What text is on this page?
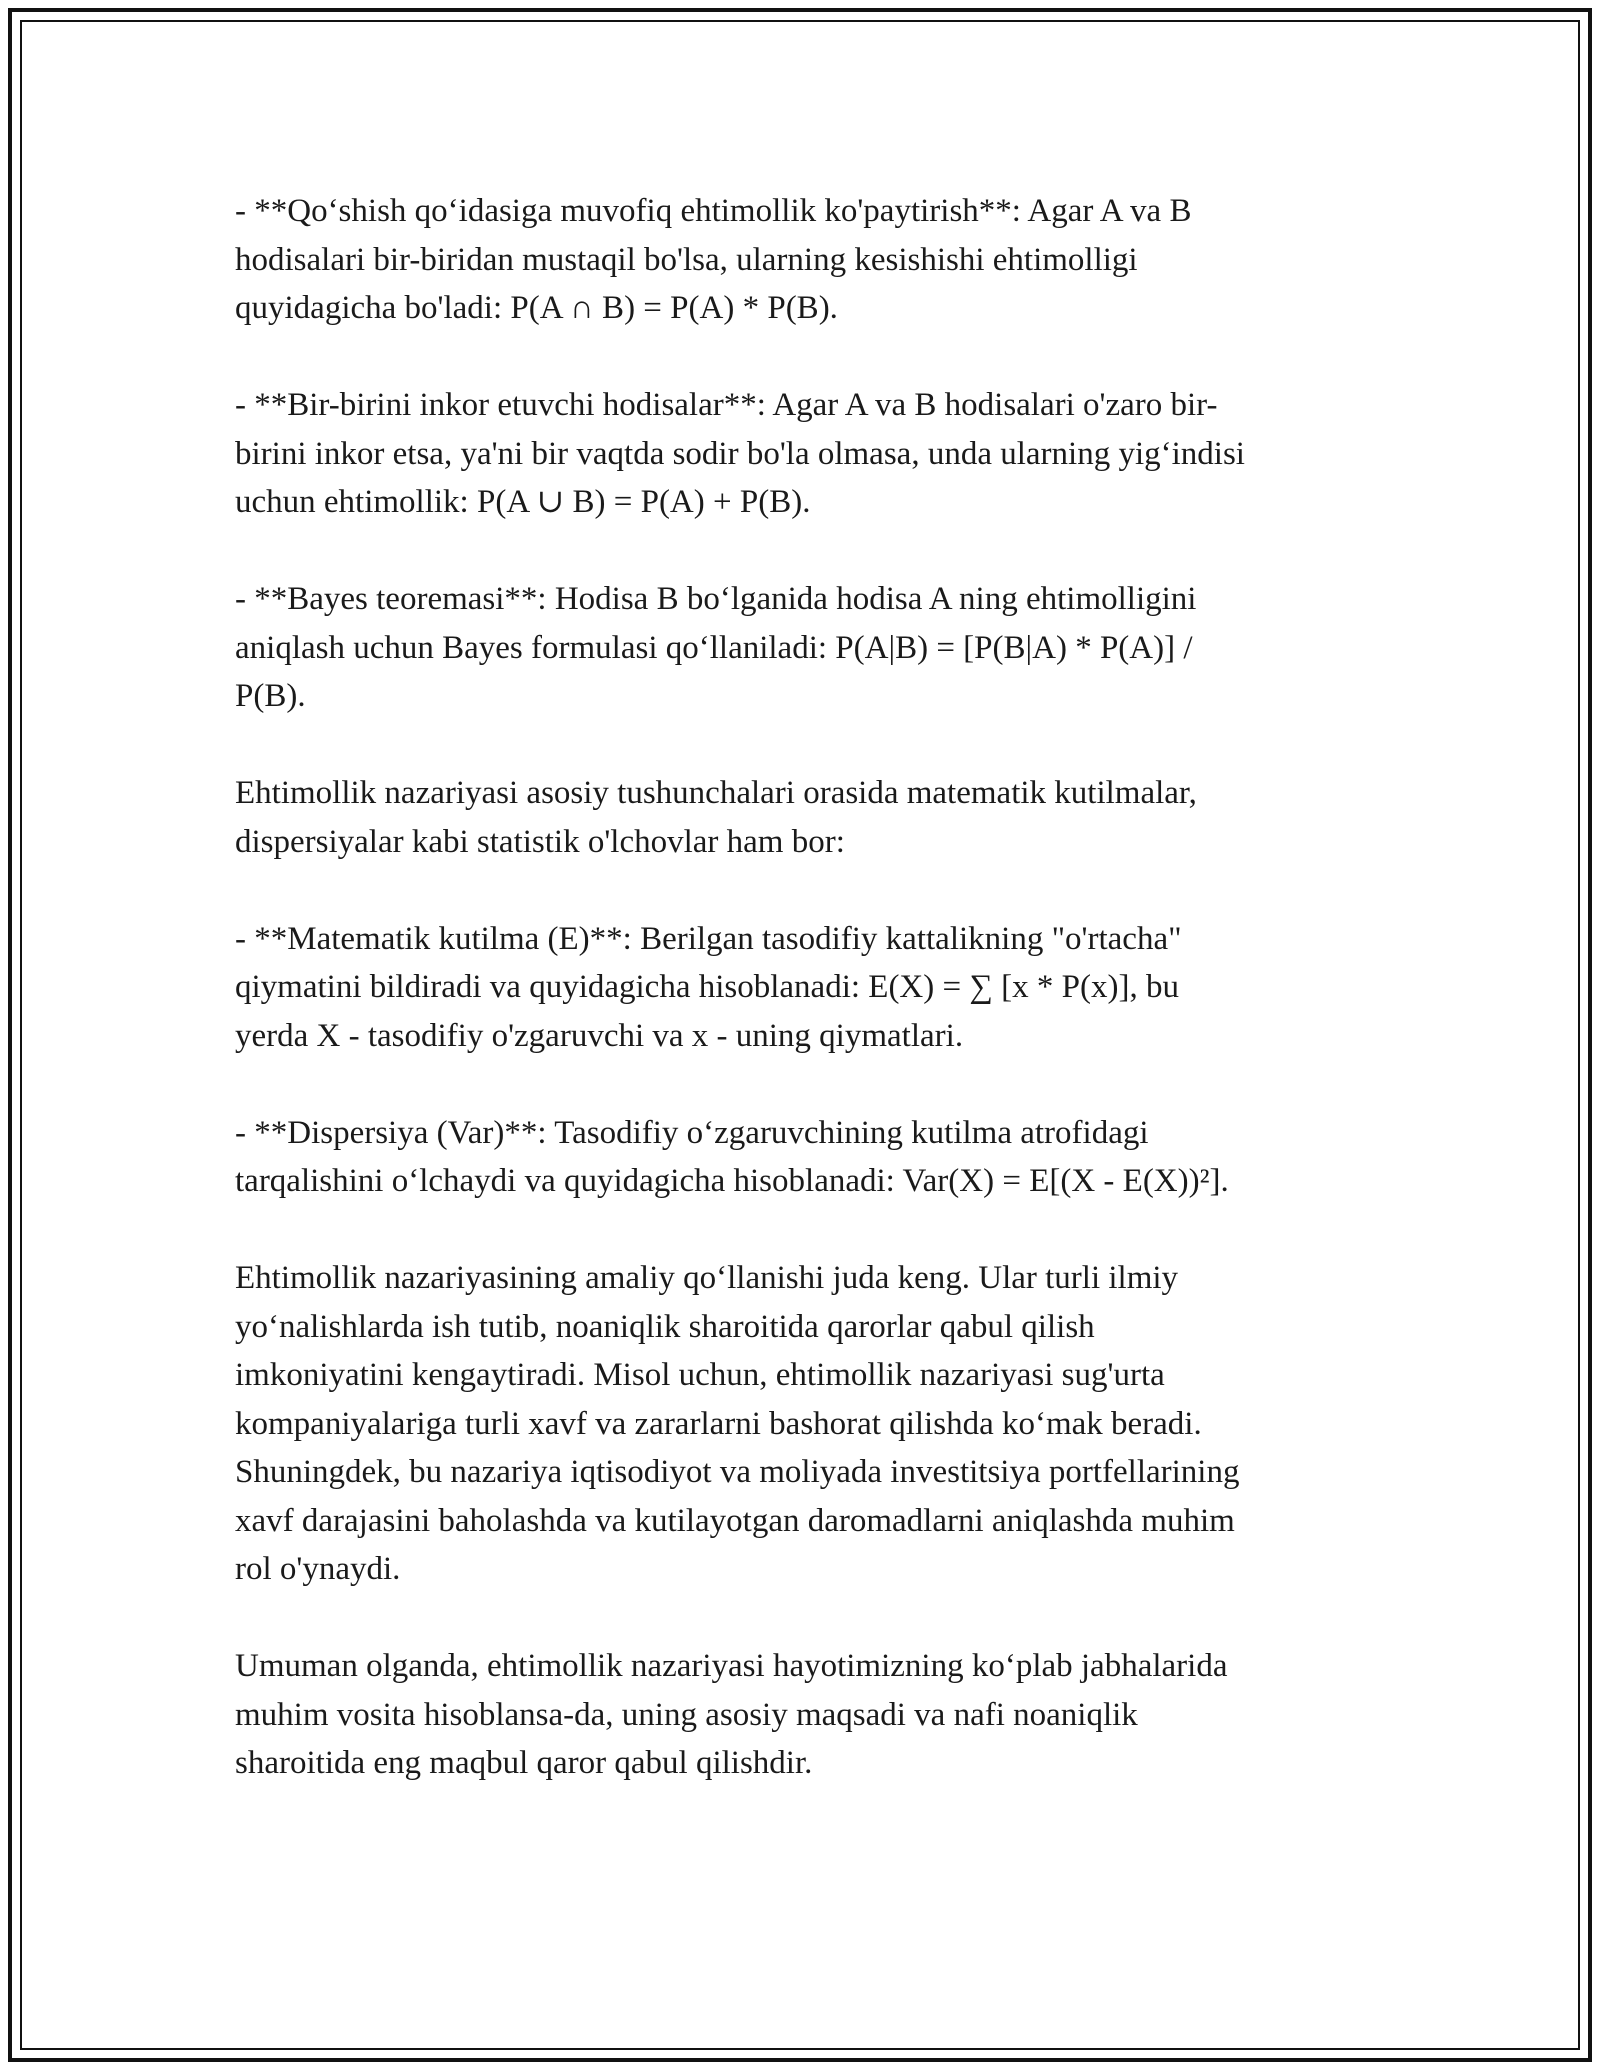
- **Qo‘shish qo‘idasiga muvofiq ehtimollik ko'paytirish**: Agar A va B
hodisalari bir-biridan mustaqil bo'lsa, ularning kesishishi ehtimolligi
quyidagicha bo'ladi: P(A ∩ B) = P(A) * P(B).

- **Bir-birini inkor etuvchi hodisalar**: Agar A va B hodisalari o'zaro bir-
birini inkor etsa, ya'ni bir vaqtda sodir bo'la olmasa, unda ularning yig‘indisi
uchun ehtimollik: P(A ∪ B) = P(A) + P(B).

- **Bayes teoremasi**: Hodisa B bo‘lganida hodisa A ning ehtimolligini
aniqlash uchun Bayes formulasi qo‘llaniladi: P(A|B) = [P(B|A) * P(A)] /
P(B).

Ehtimollik nazariyasi asosiy tushunchalari orasida matematik kutilmalar,
dispersiyalar kabi statistik o'lchovlar ham bor:

- **Matematik kutilma (E)**: Berilgan tasodifiy kattalikning "o'rtacha"
qiymatini bildiradi va quyidagicha hisoblanadi: E(X) = ∑ [x * P(x)], bu
yerda X - tasodifiy o'zgaruvchi va x - uning qiymatlari.

- **Dispersiya (Var)**: Tasodifiy o‘zgaruvchining kutilma atrofidagi
tarqalishini o‘lchaydi va quyidagicha hisoblanadi: Var(X) = E[(X - E(X))²].

Ehtimollik nazariyasining amaliy qo‘llanishi juda keng. Ular turli ilmiy
yo‘nalishlarda ish tutib, noaniqlik sharoitida qarorlar qabul qilish
imkoniyatini kengaytiradi. Misol uchun, ehtimollik nazariyasi sug'urta
kompaniyalariga turli xavf va zararlarni bashorat qilishda ko‘mak beradi.
Shuningdek, bu nazariya iqtisodiyot va moliyada investitsiya portfellarining
xavf darajasini baholashda va kutilayotgan daromadlarni aniqlashda muhim
rol o'ynaydi.

Umuman olganda, ehtimollik nazariyasi hayotimizning ko‘plab jabhalarida
muhim vosita hisoblansa-da, uning asosiy maqsadi va nafi noaniqlik
sharoitida eng maqbul qaror qabul qilishdir.
